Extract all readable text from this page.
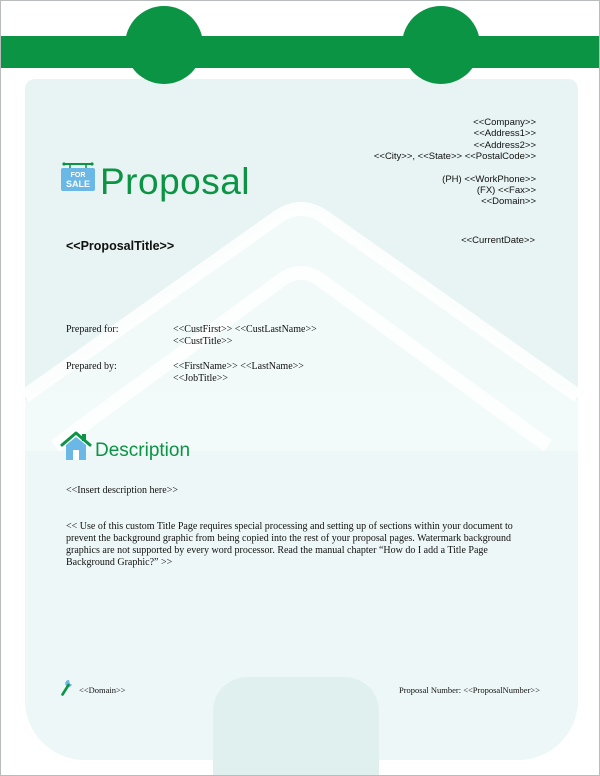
FOR
SALE Proposal
<<Company>>
<<Address1>>
<<Address2>>
<<City>>, <<State>> <<PostalCode>>
(PH) <<WorkPhone>>
(FX) <<Fax>>
<<Domain>>
<<CurrentDate>>
<<ProposalTitle>>
Prepared for:	<<CustFirst>> <<CustLastName>>
<<CustTitle>>
Prepared by:	<<FirstName>> <<LastName>>
<<JobTitle>>
Description
<<Insert description here>>
<< Use of this custom Title Page requires special processing and setting up of sections within your document to prevent the background graphic from being copied into the rest of your proposal pages. Watermark background graphics are not supported by every word processor. Read the manual chapter “How do I add a Title Page Background Graphic?” >>
<<Domain>>	Proposal Number: <<ProposalNumber>>
